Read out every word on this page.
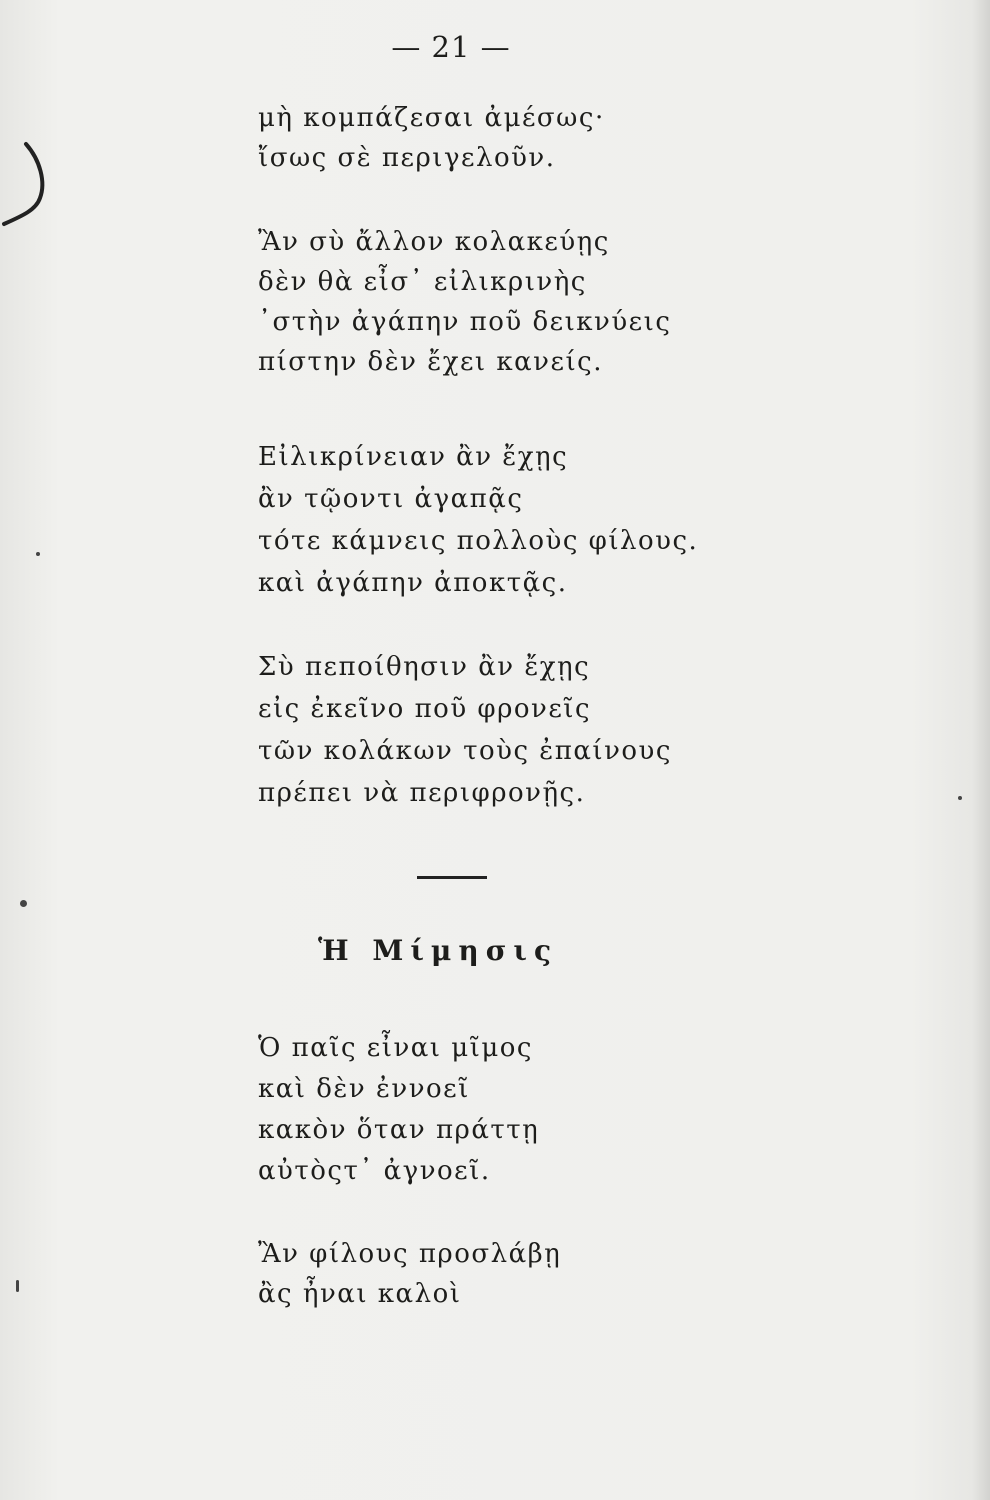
— 21 —
μὴ κομπάζεσαι ἀμέσως·
ἴσως σὲ περιγελοῦν.
Ἂν σὺ ἄλλον κολακεύῃς
δὲν θὰ εἶσ᾽ εἰλικρινὴς
᾽στὴν ἀγάπην ποῦ δεικνύεις
πίστην δὲν ἔχει κανείς.
Εἰλικρίνειαν ἂν ἔχῃς
ἂν τῷοντι ἀγαπᾷς
τότε κάμνεις πολλοὺς φίλους.
καὶ ἀγάπην ἀποκτᾷς.
Σὺ πεποίθησιν ἂν ἔχῃς
εἰς ἐκεῖνο ποῦ φρονεῖς
τῶν κολάκων τοὺς ἐπαίνους
πρέπει νὰ περιφρονῇς.
Ἡ Μίμησις
Ὁ παῖς εἶναι μῖμος
καὶ δὲν ἐννοεῖ
κακὸν ὅταν πράττῃ
αὐτὸςτ᾽ ἀγνοεῖ.
Ἂν φίλους προσλάβῃ
ἂς ἦναι καλοὶ
